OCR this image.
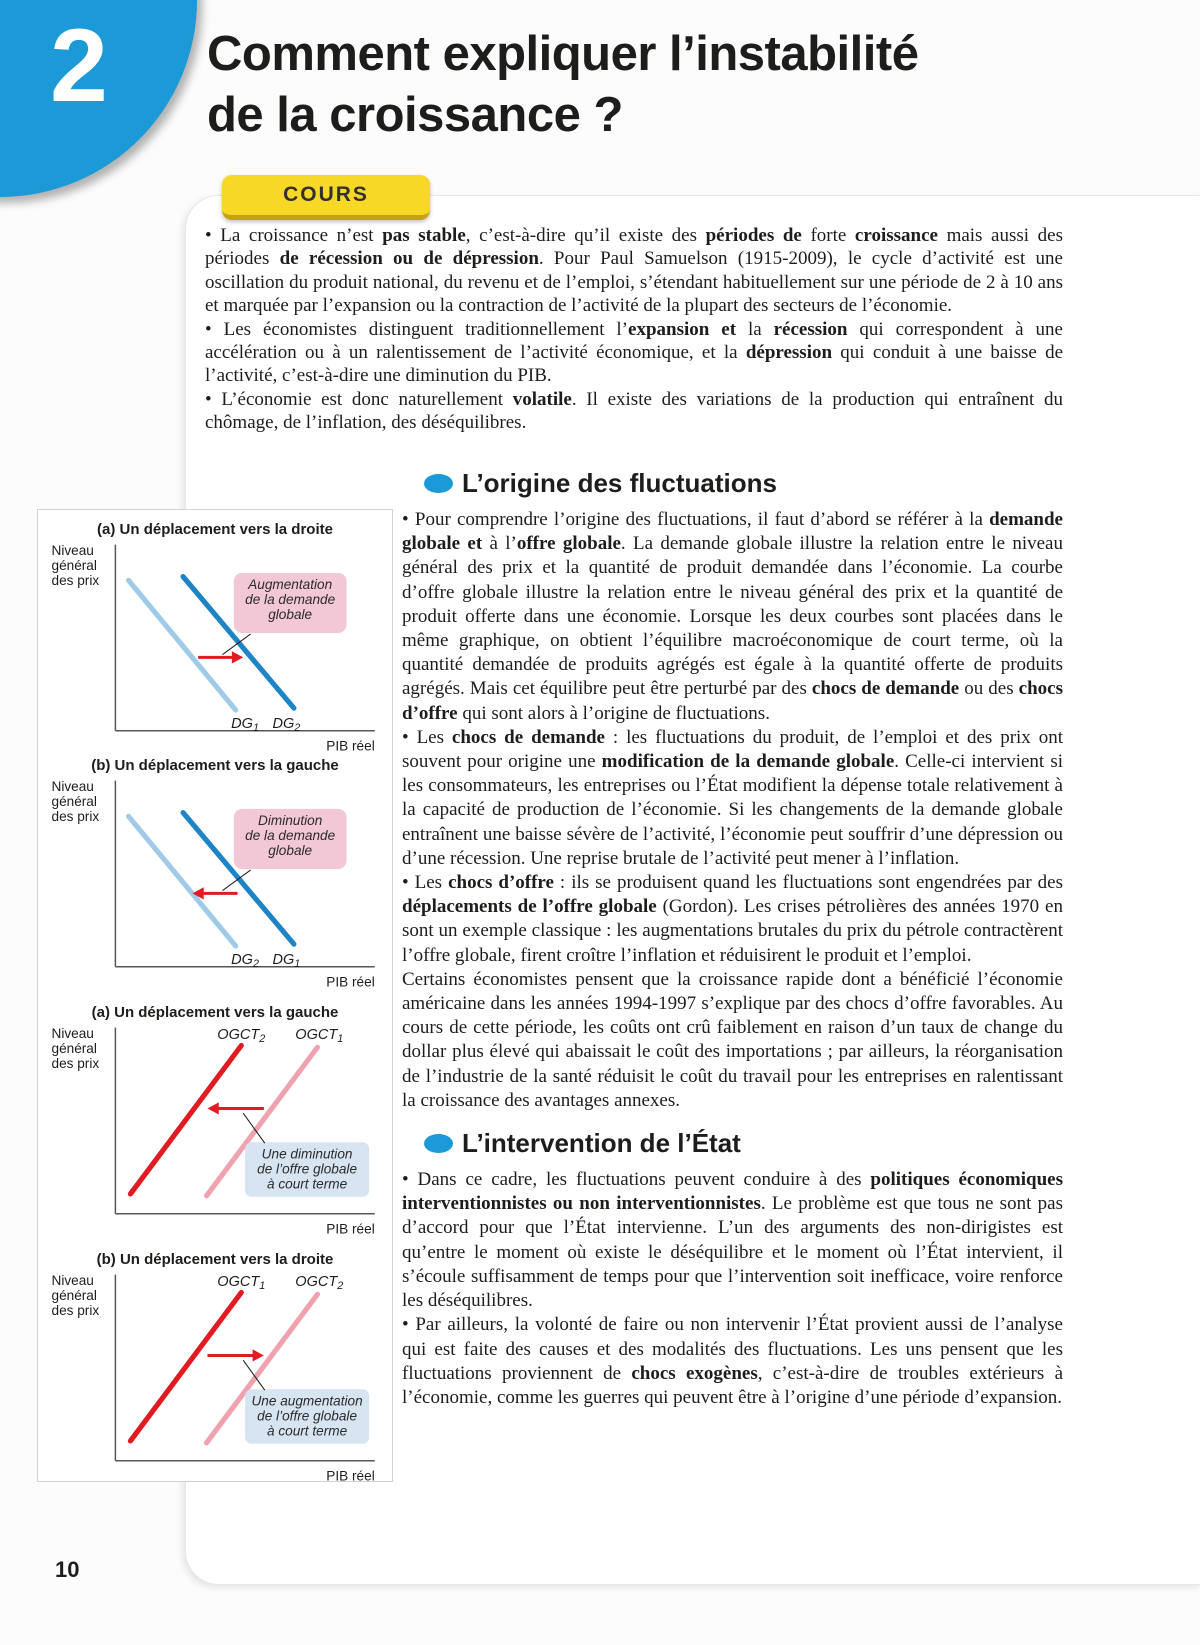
2 Comment expliquer l’instabilité
de la croissance ?
COURS

• La croissance n’est pas stable, c’est-à-dire qu’il existe des périodes de forte croissance mais aussi des périodes de récession ou de dépression. Pour Paul Samuelson (1915-2009), le cycle d’activité est une oscillation du produit national, du revenu et de l’emploi, s’étendant habituellement sur une période de 2 à 10 ans et marquée par l’expansion ou la contraction de l’activité de la plupart des secteurs de l’économie.

• Les économistes distinguent traditionnellement l’expansion et la récession qui correspondent à une accélération ou à un ralentissement de l’activité économique, et la dépression qui conduit à une baisse de l’activité, c’est-à-dire une diminution du PIB.

• L’économie est donc naturellement volatile. Il existe des variations de la production qui entraînent du chômage, de l’inflation, des déséquilibres.

(a) Un déplacement vers la droite
Niveau
général
des prix
PIB réel
$DG_1$ $DG_2$
Augmentation
de la demande
globale
(b) Un déplacement vers la gauche
Niveau
général
des prix
PIB réel
$DG_2$ $DG_1$
Diminution
de la demande
globale
(a) Un déplacement vers la gauche
Niveau
général
des prix
PIB réel
$OGCT_2$ $OGCT_1$
Une diminution
de l’offre globale
à court terme
(b) Un déplacement vers la droite
Niveau
général
des prix
PIB réel
$OGCT_1$ $OGCT_2$
Une augmentation
de l’offre globale
à court terme
L’origine des fluctuations

• Pour comprendre l’origine des fluctuations, il faut d’abord se référer à la demande globale et à l’offre globale. La demande globale illustre la relation entre le niveau général des prix et la quantité de produit demandée dans l’économie. La courbe d’offre globale illustre la relation entre le niveau général des prix et la quantité de produit offerte dans une économie. Lorsque les deux courbes sont placées dans le même graphique, on obtient l’équilibre macroéconomique de court terme, où la quantité demandée de produits agrégés est égale à la quantité offerte de produits agrégés. Mais cet équilibre peut être perturbé par des chocs de demande ou des chocs d’offre qui sont alors à l’origine de fluctuations.

• Les chocs de demande : les fluctuations du produit, de l’emploi et des prix ont souvent pour origine une modification de la demande globale. Celle-ci intervient si les consommateurs, les entreprises ou l’État modifient la dépense totale relativement à la capacité de production de l’économie. Si les changements de la demande globale entraînent une baisse sévère de l’activité, l’économie peut souffrir d’une dépression ou d’une récession. Une reprise brutale de l’activité peut mener à l’inflation.

• Les chocs d’offre : ils se produisent quand les fluctuations sont engendrées par des déplacements de l’offre globale (Gordon). Les crises pétrolières des années 1970 en sont un exemple classique : les augmentations brutales du prix du pétrole contractèrent l’offre globale, firent croître l’inflation et réduisirent le produit et l’emploi.

Certains économistes pensent que la croissance rapide dont a bénéficié l’économie américaine dans les années 1994-1997 s’explique par des chocs d’offre favorables. Au cours de cette période, les coûts ont crû faiblement en raison d’un taux de change du dollar plus élevé qui abaissait le coût des importations ; par ailleurs, la réorganisation de l’industrie de la santé réduisit le coût du travail pour les entreprises en ralentissant la croissance des avantages annexes.

L’intervention de l’État

• Dans ce cadre, les fluctuations peuvent conduire à des politiques économiques interventionnistes ou non interventionnistes. Le problème est que tous ne sont pas d’accord pour que l’État intervienne. L’un des arguments des non-dirigistes est qu’entre le moment où existe le déséquilibre et le moment où l’État intervient, il s’écoule suffisamment de temps pour que l’intervention soit inefficace, voire renforce les déséquilibres.

• Par ailleurs, la volonté de faire ou non intervenir l’État provient aussi de l’analyse qui est faite des causes et des modalités des fluctuations. Les uns pensent que les fluctuations proviennent de chocs exogènes, c’est-à-dire de troubles extérieurs à l’économie, comme les guerres qui peuvent être à l’origine d’une période d’expansion.

10
